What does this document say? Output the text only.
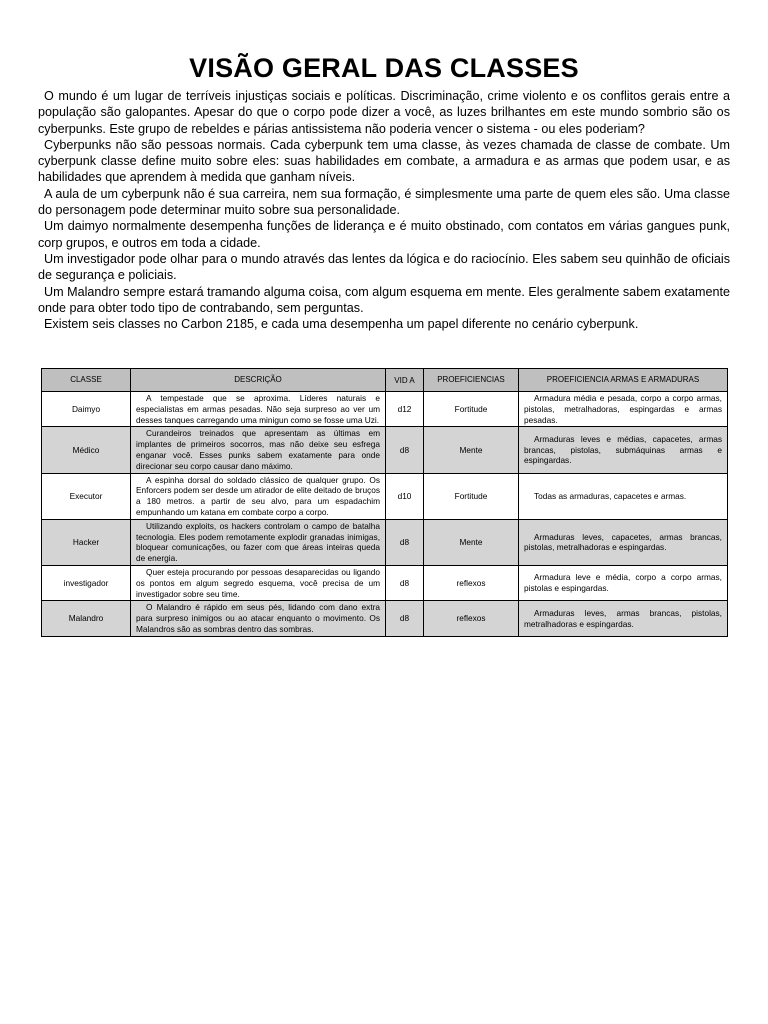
VISÃO GERAL DAS CLASSES

O mundo é um lugar de terríveis injustiças sociais e políticas. Discriminação, crime violento e os conflitos gerais entre a população são galopantes. Apesar do que o corpo pode dizer a você, as luzes brilhantes em este mundo sombrio são os cyberpunks. Este grupo de rebeldes e párias antissistema não poderia vencer o sistema - ou eles poderiam?

Cyberpunks não são pessoas normais. Cada cyberpunk tem uma classe, às vezes chamada de classe de combate. Um cyberpunk classe define muito sobre eles: suas habilidades em combate, a armadura e as armas que podem usar, e as habilidades que aprendem à medida que ganham níveis.

A aula de um cyberpunk não é sua carreira, nem sua formação, é simplesmente uma parte de quem eles são. Uma classe do personagem pode determinar muito sobre sua personalidade.

Um daimyo normalmente desempenha funções de liderança e é muito obstinado, com contatos em várias gangues punk, corp grupos, e outros em toda a cidade.

Um investigador pode olhar para o mundo através das lentes da lógica e do raciocínio. Eles sabem seu quinhão de oficiais de segurança e policiais.

Um Malandro sempre estará tramando alguma coisa, com algum esquema em mente. Eles geralmente sabem exatamente onde para obter todo tipo de contrabando, sem perguntas.

Existem seis classes no Carbon 2185, e cada uma desempenha um papel diferente no cenário cyberpunk.

CLASSE	DESCRIÇÃO	VID A	PROEFICIENCIAS	PROEFICIENCIA ARMAS E ARMADURAS
Daimyo	A tempestade que se aproxima. Líderes naturais e especialistas em armas pesadas. Não seja surpreso ao ver um desses tanques carregando uma minigun como se fosse uma Uzi.	d12	Fortitude	Armadura média e pesada, corpo a corpo armas, pistolas, metralhadoras, espingardas e armas pesadas.
Médico	Curandeiros treinados que apresentam as últimas em implantes de primeiros socorros, mas não deixe seu esfrega enganar você. Esses punks sabem exatamente para onde direcionar seu corpo causar dano máximo.	d8	Mente	Armaduras leves e médias, capacetes, armas brancas, pistolas, submáquinas armas e espingardas.
Executor	A espinha dorsal do soldado clássico de qualquer grupo. Os Enforcers podem ser desde um atirador de elite deitado de bruços a 180 metros. a partir de seu alvo, para um espadachim empunhando um katana em combate corpo a corpo.	d10	Fortitude	Todas as armaduras, capacetes e armas.
Hacker	Utilizando exploits, os hackers controlam o campo de batalha tecnologia. Eles podem remotamente explodir granadas inimigas, bloquear comunicações, ou fazer com que áreas inteiras queda de energia.	d8	Mente	Armaduras leves, capacetes, armas brancas, pistolas, metralhadoras e espingardas.
investigador	Quer esteja procurando por pessoas desaparecidas ou ligando os pontos em algum segredo esquema, você precisa de um investigador sobre seu time.	d8	reflexos	Armadura leve e média, corpo a corpo armas, pistolas e espingardas.
Malandro	O Malandro é rápido em seus pés, lidando com dano extra para surpreso inimigos ou ao atacar enquanto o movimento. Os Malandros são as sombras dentro das sombras.	d8	reflexos	Armaduras leves, armas brancas, pistolas, metralhadoras e espingardas.
